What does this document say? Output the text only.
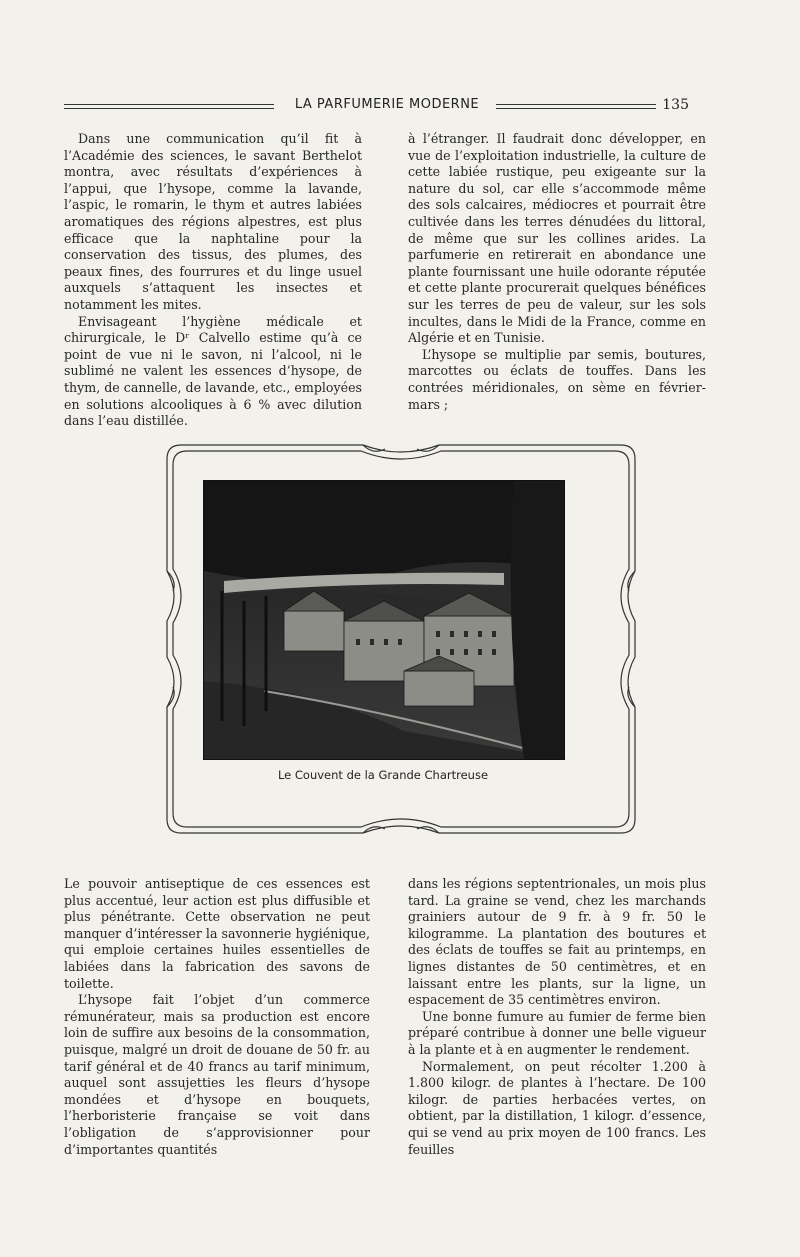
LA PARFUMERIE MODERNE	135

Dans une communication qu’il fit à l’Académie des sciences, le savant Berthelot montra, avec résultats d’expériences à l’appui, que l’hysope, comme la lavande, l’aspic, le romarin, le thym et autres labiées aromatiques des régions alpestres, est plus efficace que la naphtaline pour la conservation des tissus, des plumes, des peaux fines, des fourrures et du linge usuel auxquels s’attaquent les insectes et notamment les mites.

Envisageant l’hygiène médicale et chirurgicale, le Dʳ Calvello estime qu’à ce point de vue ni le savon, ni l’alcool, ni le sublimé ne valent les essences d’hysope, de thym, de cannelle, de lavande, etc., employées en solutions alcooliques à 6 % avec dilution dans l’eau distillée.

à l’étranger. Il faudrait donc développer, en vue de l’exploitation industrielle, la culture de cette labiée rustique, peu exigeante sur la nature du sol, car elle s’accommode même des sols calcaires, médiocres et pourrait être cultivée dans les terres dénudées du littoral, de même que sur les collines arides. La parfumerie en retirerait en abondance une plante fournissant une huile odorante réputée et cette plante procurerait quelques bénéfices sur les terres de peu de valeur, sur les sols incultes, dans le Midi de la France, comme en Algérie et en Tunisie.

L’hysope se multiplie par semis, boutures, marcottes ou éclats de touffes. Dans les contrées méridionales, on sème en février-mars ;

Le Couvent de la Grande Chartreuse

Le pouvoir antiseptique de ces essences est plus accentué, leur action est plus diffusible et plus pénétrante. Cette observation ne peut manquer d’intéresser la savonnerie hygiénique, qui emploie certaines huiles essentielles de labiées dans la fabrication des savons de toilette.

L’hysope fait l’objet d’un commerce rémunérateur, mais sa production est encore loin de suffire aux besoins de la consommation, puisque, malgré un droit de douane de 50 fr. au tarif général et de 40 francs au tarif minimum, auquel sont assujetties les fleurs d’hysope mondées et d’hysope en bouquets, l’herboristerie française se voit dans l’obligation de s’approvisionner pour d’importantes quantités

dans les régions septentrionales, un mois plus tard. La graine se vend, chez les marchands grainiers autour de 9 fr. à 9 fr. 50 le kilogramme. La plantation des boutures et des éclats de touffes se fait au printemps, en lignes distantes de 50 centimètres, et en laissant entre les plants, sur la ligne, un espacement de 35 centimètres environ.

Une bonne fumure au fumier de ferme bien préparé contribue à donner une belle vigueur à la plante et à en augmenter le rendement.

Normalement, on peut récolter 1.200 à 1.800 kilogr. de plantes à l’hectare. De 100 kilogr. de parties herbacées vertes, on obtient, par la distillation, 1 kilogr. d’essence, qui se vend au prix moyen de 100 francs. Les feuilles
